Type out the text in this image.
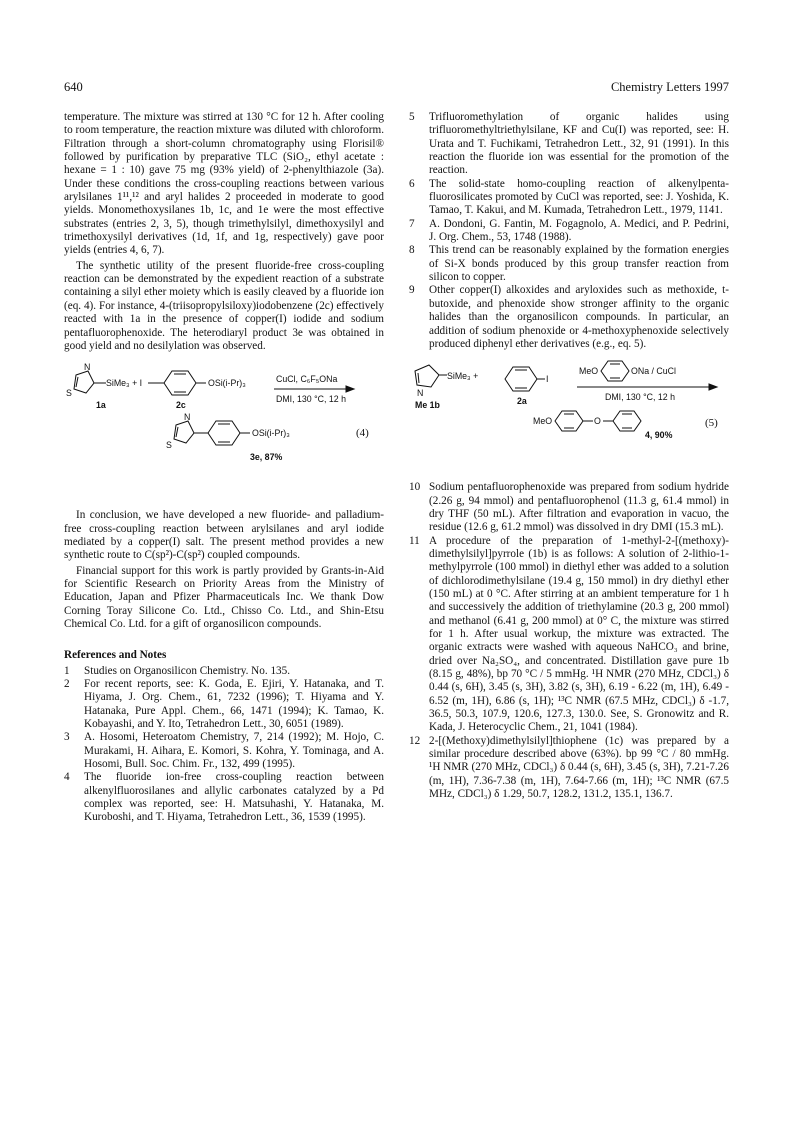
640	Chemistry Letters 1997

temperature. The mixture was stirred at 130 °C for 12 h. After cooling to room temperature, the reaction mixture was diluted with chloroform. Filtration through a short-column chromatography using Florisil® followed by purification by preparative TLC (SiO₂, ethyl acetate : hexane = 1 : 10) gave 75 mg (93% yield) of 2-phenylthiazole (3a). Under these conditions the cross-coupling reactions between various arylsilanes 1¹¹,¹² and aryl halides 2 proceeded in moderate to good yields. Monomethoxysilanes 1b, 1c, and 1e were the most effective substrates (entries 2, 3, 5), though trimethylsilyl, dimethoxysilyl and trimethoxysilyl derivatives (1d, 1f, and 1g, respectively) gave poor yields (entries 4, 6, 7).

The synthetic utility of the present fluoride-free cross-coupling reaction can be demonstrated by the expedient reaction of a substrate containing a silyl ether moiety which is easily cleaved by a fluoride ion (eq. 4). For instance, 4-(triisopropylsiloxy)iodobenzene (2c) effectively reacted with 1a in the presence of copper(I) iodide and sodium pentafluorophenoxide. The heterodiaryl product 3e was obtained in good yield and no desilylation was observed.

N
S
SiMe₃ + I
1a
OSi(i-Pr)₃
2c
CuCl, C₆F₅ONa
DMI, 130 °C, 12 h
N
S
OSi(i-Pr)₃
3e, 87%
(4)

In conclusion, we have developed a new fluoride- and palladium-free cross-coupling reaction between arylsilanes and aryl iodide mediated by a copper(I) salt. The present method provides a new synthetic route to C(sp²)-C(sp²) coupled compounds.

Financial support for this work is partly provided by Grants-in-Aid for Scientific Research on Priority Areas from the Ministry of Education, Japan and Pfizer Pharmaceuticals Inc. We thank Dow Corning Toray Silicone Co. Ltd., Chisso Co. Ltd., and Shin-Etsu Chemical Co. Ltd. for a gift of organosilicon compounds.

References and Notes
1	Studies on Organosilicon Chemistry. No. 135.
2	For recent reports, see: K. Goda, E. Ejiri, Y. Hatanaka, and T. Hiyama, J. Org. Chem., 61, 7232 (1996); T. Hiyama and Y. Hatanaka, Pure Appl. Chem., 66, 1471 (1994); K. Tamao, K. Kobayashi, and Y. Ito, Tetrahedron Lett., 30, 6051 (1989).
3	A. Hosomi, Heteroatom Chemistry, 7, 214 (1992); M. Hojo, C. Murakami, H. Aihara, E. Komori, S. Kohra, Y. Tominaga, and A. Hosomi, Bull. Soc. Chim. Fr., 132, 499 (1995).
4	The fluoride ion-free cross-coupling reaction between alkenylfluorosilanes and allylic carbonates catalyzed by a Pd complex was reported, see: H. Matsuhashi, Y. Hatanaka, M. Kuroboshi, and T. Hiyama, Tetrahedron Lett., 36, 1539 (1995).
5	Trifluoromethylation of organic halides using trifluoromethyltriethylsilane, KF and Cu(I) was reported, see: H. Urata and T. Fuchikami, Tetrahedron Lett., 32, 91 (1991). In this reaction the fluoride ion was essential for the promotion of the reaction.
6	The solid-state homo-coupling reaction of alkenylpenta-fluorosilicates promoted by CuCl was reported, see: J. Yoshida, K. Tamao, T. Kakui, and M. Kumada, Tetrahedron Lett., 1979, 1141.
7	A. Dondoni, G. Fantin, M. Fogagnolo, A. Medici, and P. Pedrini, J. Org. Chem., 53, 1748 (1988).
8	This trend can be reasonably explained by the formation energies of Si-X bonds produced by this group transfer reaction from silicon to copper.
9	Other copper(I) alkoxides and aryloxides such as methoxide, t-butoxide, and phenoxide show stronger affinity to the organic halides than the organosilicon compounds. In particular, an addition of sodium phenoxide or 4-methoxyphenoxide selectively produced diphenyl ether derivatives (e.g., eq. 5).
N
SiMe₃ +
Me 1b
I
2a
MeO	ONa / CuCl
DMI, 130 °C, 12 h
MeO	O
4, 90%
(5)
10 Sodium pentafluorophenoxide was prepared from sodium hydride (2.26 g, 94 mmol) and pentafluorophenol (11.3 g, 61.4 mmol) in dry THF (50 mL). After filtration and evaporation in vacuo, the residue (12.6 g, 61.2 mmol) was dissolved in dry DMI (15.3 mL).
11 A procedure of the preparation of 1-methyl-2-[(methoxy)-dimethylsilyl]pyrrole (1b) is as follows: A solution of 2-lithio-1-methylpyrrole (100 mmol) in diethyl ether was added to a solution of dichlorodimethylsilane (19.4 g, 150 mmol) in dry diethyl ether (150 mL) at 0 °C. After stirring at an ambient temperature for 1 h and successively the addition of triethylamine (20.3 g, 200 mmol) and methanol (6.41 g, 200 mmol) at 0° C, the mixture was stirred for 1 h. After usual workup, the mixture was extracted. The organic extracts were washed with aqueous NaHCO₃ and brine, dried over Na₂SO₄, and concentrated. Distillation gave pure 1b (8.15 g, 48%), bp 70 °C / 5 mmHg. ¹H NMR (270 MHz, CDCl₃) δ 0.44 (s, 6H), 3.45 (s, 3H), 3.82 (s, 3H), 6.19 - 6.22 (m, 1H), 6.49 - 6.52 (m, 1H), 6.86 (s, 1H); ¹³C NMR (67.5 MHz, CDCl₃) δ -1.7, 36.5, 50.3, 107.9, 120.6, 127.3, 130.0. See, S. Gronowitz and R. Kada, J. Heterocyclic Chem., 21, 1041 (1984).
12 2-[(Methoxy)dimethylsilyl]thiophene (1c) was prepared by a similar procedure described above (63%). bp 99 °C / 80 mmHg. ¹H NMR (270 MHz, CDCl₃) δ 0.44 (s, 6H), 3.45 (s, 3H), 7.21-7.26 (m, 1H), 7.36-7.38 (m, 1H), 7.64-7.66 (m, 1H); ¹³C NMR (67.5 MHz, CDCl₃) δ 1.29, 50.7, 128.2, 131.2, 135.1, 136.7.
